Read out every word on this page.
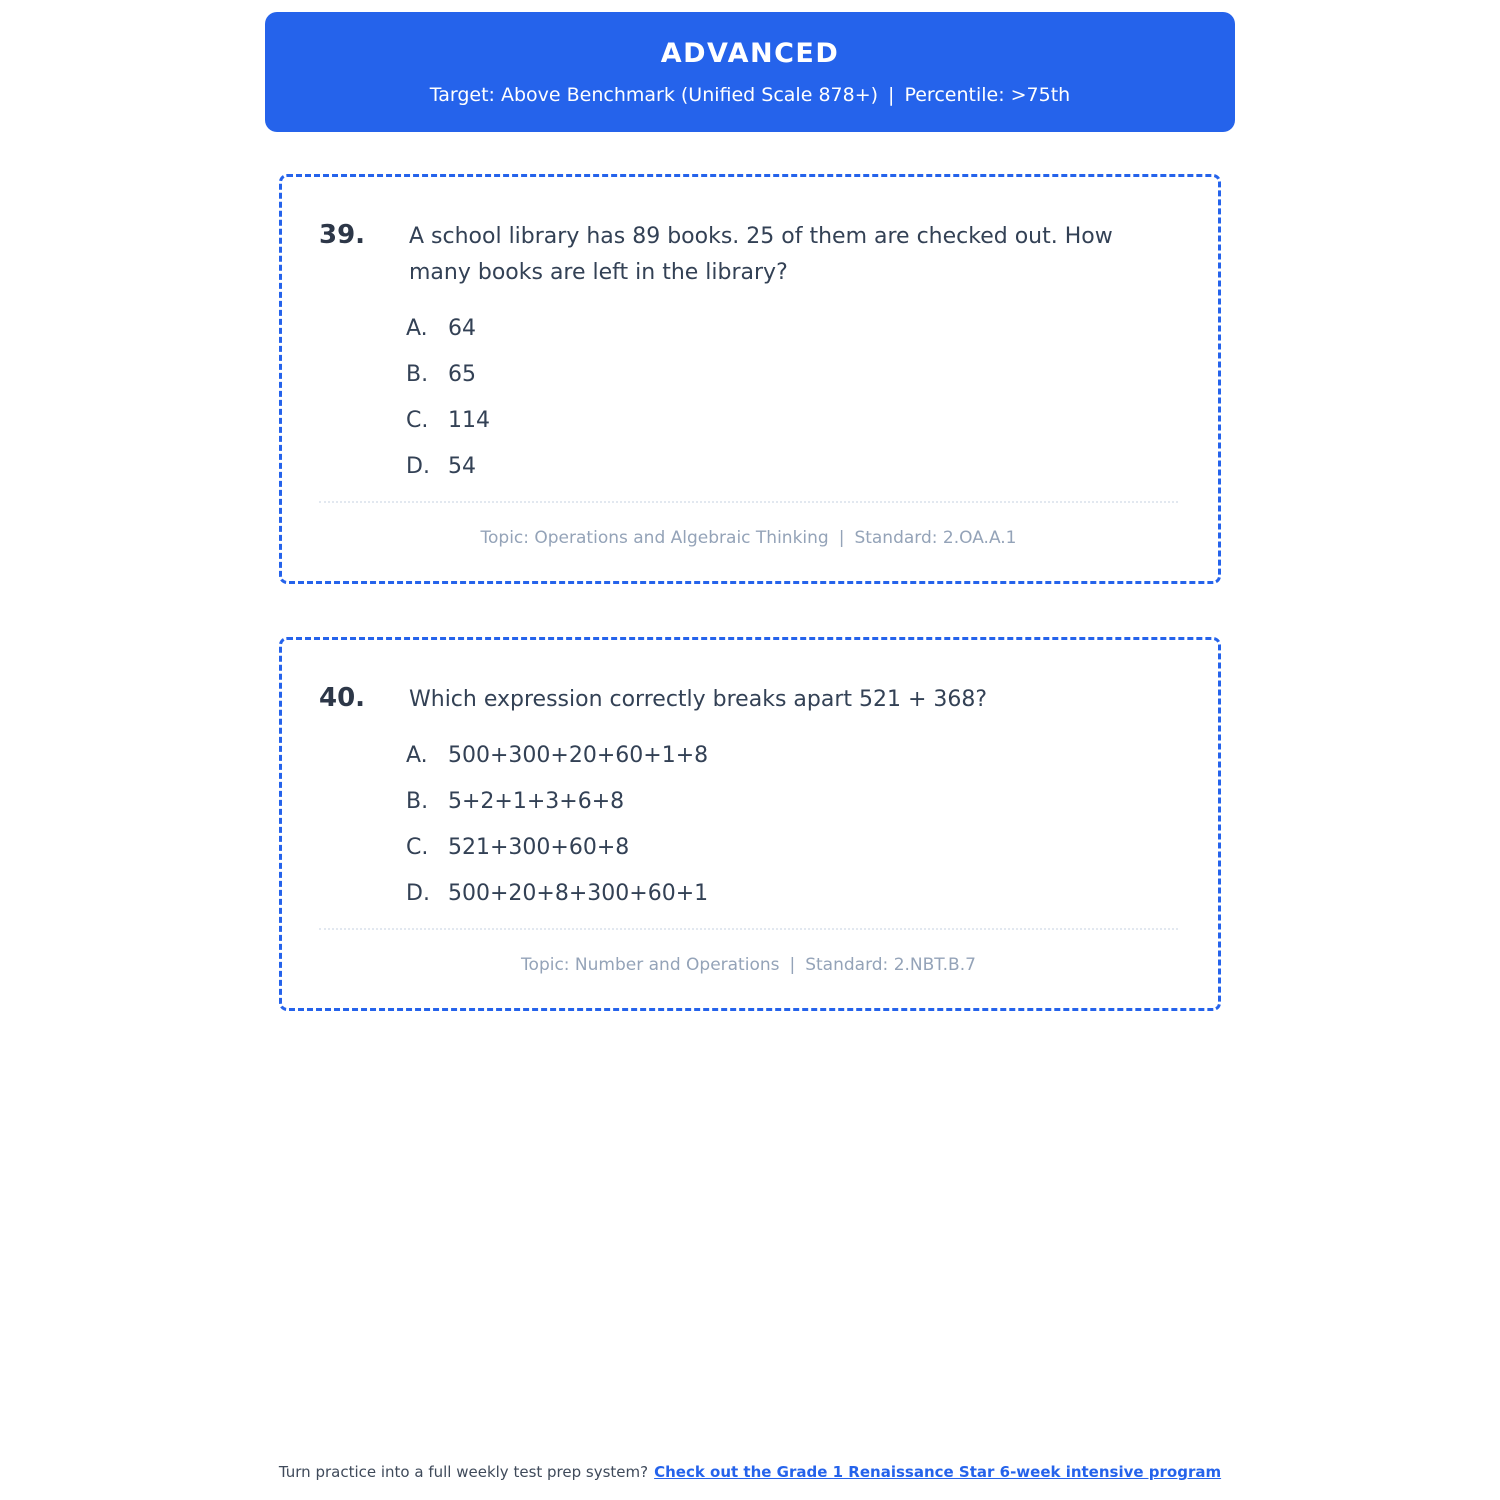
ADVANCED
Target: Above Benchmark (Unified Scale 878+) | Percentile: >75th
39.	A school library has 89 books. 25 of them are checked out. How many books are left in the library?
A. 64
B. 65
C. 114
D. 54
Topic: Operations and Algebraic Thinking | Standard: 2.OA.A.1
40.	Which expression correctly breaks apart 521 + 368?
A. 500+300+20+60+1+8
B. 5+2+1+3+6+8
C. 521+300+60+8
D. 500+20+8+300+60+1
Topic: Number and Operations | Standard: 2.NBT.B.7
Turn practice into a full weekly test prep system? Check out the Grade 1 Renaissance Star 6-week intensive program
